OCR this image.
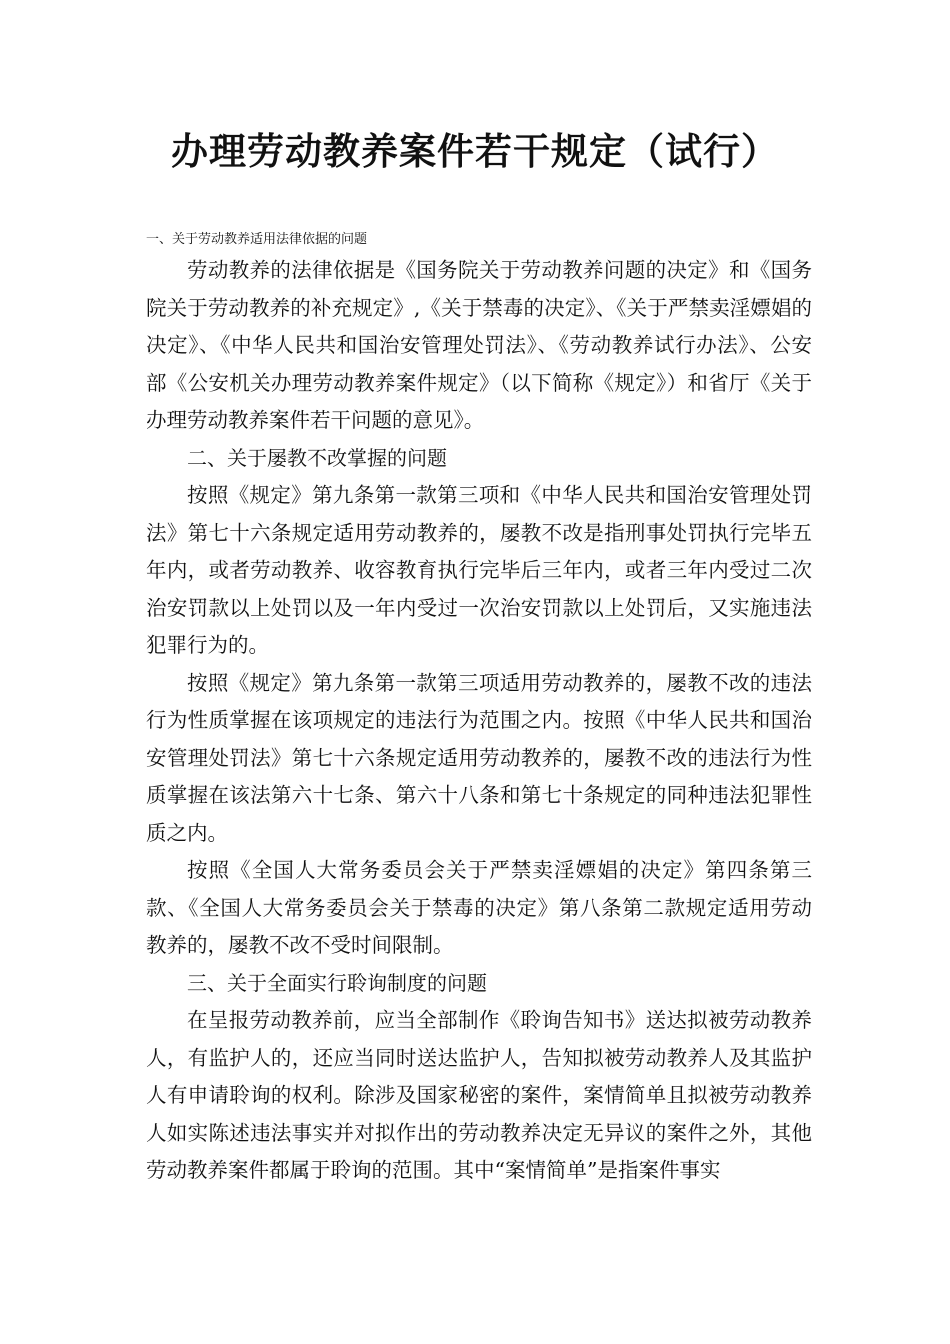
办理劳动教养案件若干规定（试行）
一、关于劳动教养适用法律依据的问题

劳动教养的法律依据是《国务院关于劳动教养问题的决定》和《国务院关于劳动教养的补充规定》,《关于禁毒的决定》、《关于严禁卖淫嫖娼的决定》、《中华人民共和国治安管理处罚法》、《劳动教养试行办法》、公安部《公安机关办理劳动教养案件规定》（以下简称《规定》）和省厅《关于办理劳动教养案件若干问题的意见》。

二、关于屡教不改掌握的问题

按照《规定》第九条第一款第三项和《中华人民共和国治安管理处罚法》第七十六条规定适用劳动教养的，屡教不改是指刑事处罚执行完毕五年内，或者劳动教养、收容教育执行完毕后三年内，或者三年内受过二次治安罚款以上处罚以及一年内受过一次治安罚款以上处罚后，又实施违法犯罪行为的。

按照《规定》第九条第一款第三项适用劳动教养的，屡教不改的违法行为性质掌握在该项规定的违法行为范围之内。按照《中华人民共和国治安管理处罚法》第七十六条规定适用劳动教养的，屡教不改的违法行为性质掌握在该法第六十七条、第六十八条和第七十条规定的同种违法犯罪性质之内。

按照《全国人大常务委员会关于严禁卖淫嫖娼的决定》第四条第三款、《全国人大常务委员会关于禁毒的决定》第八条第二款规定适用劳动教养的，屡教不改不受时间限制。

三、关于全面实行聆询制度的问题

在呈报劳动教养前，应当全部制作《聆询告知书》送达拟被劳动教养人，有监护人的，还应当同时送达监护人，告知拟被劳动教养人及其监护人有申请聆询的权利。除涉及国家秘密的案件，案情简单且拟被劳动教养人如实陈述违法事实并对拟作出的劳动教养决定无异议的案件之外，其他劳动教养案件都属于聆询的范围。其中“案情简单”是指案件事实
